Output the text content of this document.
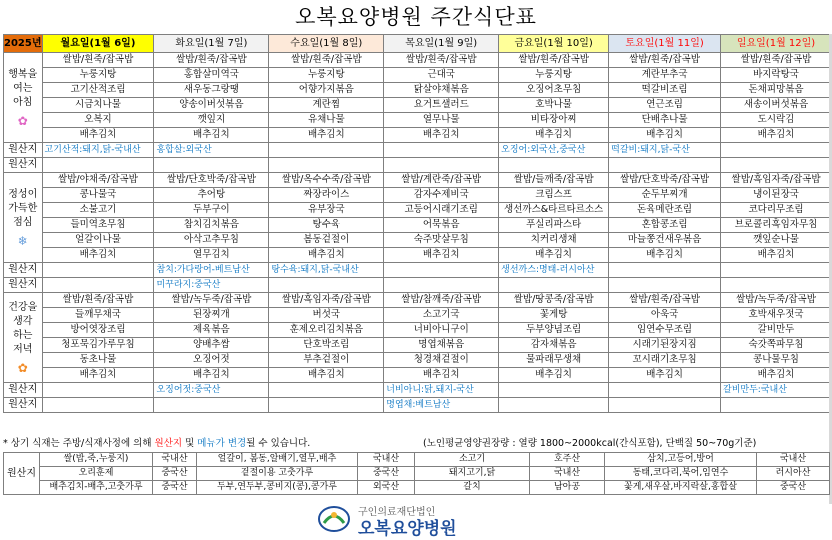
오복요양병원 주간식단표
2025년	월요일(1월 6일)	화요일(1월 7일)	수요일(1월 8일)	목요일(1월 9일)	금요일(1월 10일)	토요일(1월 11일)	일요일(1월 12일)

행복을
여는
아침
✿	쌀밥/흰죽/잡곡밥	쌀밥/흰죽/잡곡밥	쌀밥/흰죽/잡곡밥	쌀밥/흰죽/잡곡밥	쌀밥/흰죽/잡곡밥	쌀밥/흰죽/잡곡밥	쌀밥/흰죽/잡곡밥
	누룽지탕	홍합살미역국	누룽지탕	근대국	누룽지탕	계란부추국	바지락탕국
	고기산적조림	새우동그랑땡	어향가지볶음	닭살야채볶음	오징어초무침	떡갈비조림	돈채피망볶음
	시금치나물	양송이버섯볶음	계란찜	요거트샐러드	호박나물	연근조림	새송이버섯볶음
	오복지	깻잎지	유채나물	열무나물	비타장아찌	단배추나물	도시락김
	배추김치	배추김치	배추김치	배추김치	배추김치	배추김치	배추김치
원산지	고기산적:돼지,닭-국내산	홍합살:외국산			오징어:외국산,중국산	떡갈비:돼지,닭-국산	
원산지							

정성이
가득한
점심
❄	쌀밥/야채죽/잡곡밥	쌀밥/단호박죽/잡곡밥	쌀밥/옥수수죽/잡곡밥	쌀밥/계란죽/잡곡밥	쌀밥/들깨죽/잡곡밥	쌀밥/단호박죽/잡곡밥	쌀밥/흑임자죽/잡곡밥
	콩나물국	추어탕	짜장라이스	감자수제비국	크림스프	순두부찌개	냉이된장국
	소불고기	두부구이	유부장국	고등어시래기조림	생선까스&타르타르소스	돈육메란조림	코다리무조림
	들미역초무침	참치김치볶음	탕수육	어묵볶음	푸실리파스타	혼합콩조림	브로콜리흑임자무침
	얼갈이나물	아삭고추무침	봄동겉절이	숙주맛살무침	치커리생채	마늘쫑건새우볶음	깻잎순나물
	배추김치	열무김치	배추김치	배추김치	배추김치	배추김치	배추김치
원산지		참치:가다랑어-베트남산	탕수육:돼지,닭-국내산		생선까스:명태-러시아산		
원산지		미꾸라지:중국산					

건강을
생각
하는
저녁
✿	쌀밥/흰죽/잡곡밥	쌀밥/녹두죽/잡곡밥	쌀밥/흑임자죽/잡곡밥	쌀밥/참깨죽/잡곡밥	쌀밥/땅콩죽/잡곡밥	쌀밥/흰죽/잡곡밥	쌀밥/녹두죽/잡곡밥
	들깨무채국	된장찌개	버섯국	소고기국	꽃게탕	아욱국	호박새우젓국
	방어엿장조림	제육볶음	훈제오리김치볶음	너비아니구이	두부양념조림	임연수무조림	갈비만두
	청포묵김가루무침	양배추쌈	단호박조림	명엽채볶음	감자채볶음	시래기된장지짐	숙갓쪽파무침
	동초나물	오징어젓	부추겉절이	청경채겉절이	물파래무생채	꼬시래기초무침	콩나물무침
	배추김치	배추김치	배추김치	배추김치	배추김치	배추김치	배추김치
원산지		오징어젓:중국산		너비아니:닭,돼지-국산			갈비만두:국내산
원산지				명엽채:베트남산			
* 상기 식재는 주방/식재사정에 의해 원산지 및 메뉴가 변경될 수 있습니다.	(노인평균영양권장량 : 열량 1800~2000kcal(간식포함), 단백질 50~70g기준)
원산지	쌀(밥,죽,누룽지)	국내산	얼갈이, 봄동,알배기,열무,배추	국내산	소고기	호주산	삼치,고등어,방어	국내산
	오리훈제	중국산	겉절이용 고춧가루	중국산	돼지고기,닭	국내산	동태,코다리,북어,임연수	러시아산
	배추김치-배추,고춧가루	중국산	두부,연두부,콩비지(콩),콩가루	외국산	갈치	남아공	꽃게,새우살,바지락살,홍합살	중국산
구인의료재단법인
오복요양병원
